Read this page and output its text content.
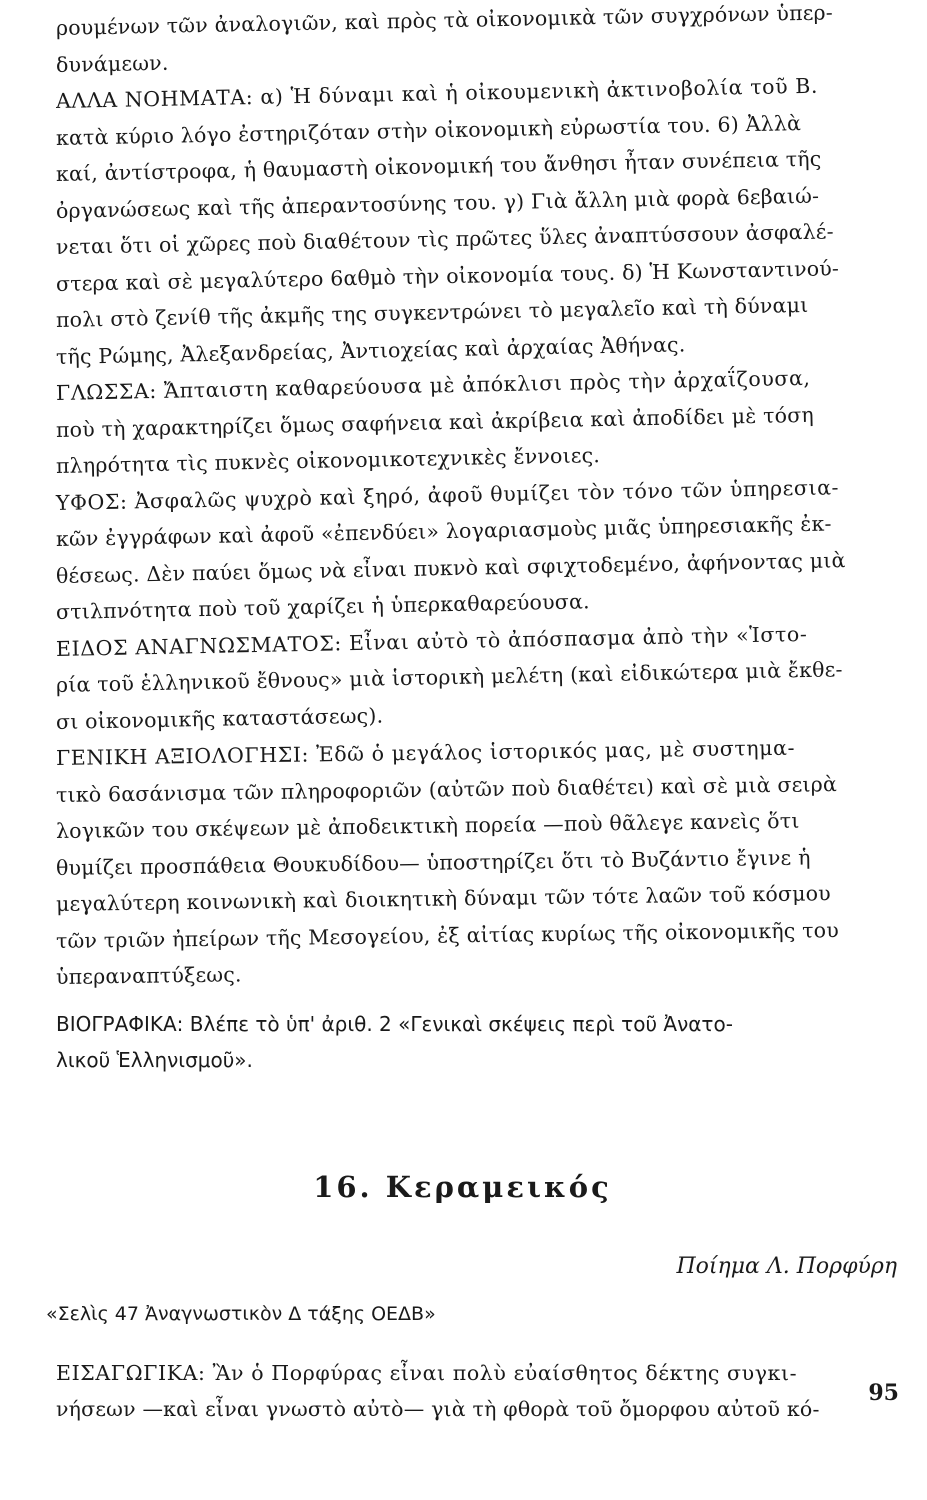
ρουμένων τῶν ἀναλογιῶν, καὶ πρὸς τὰ οἰκονομικὰ τῶν συγχρόνων ὑπερ-
δυνάμεων.
ΑΛΛΑ ΝΟΗΜΑΤΑ: α) Ἡ δύναμι καὶ ἡ οἰκουμενικὴ ἀκτινοβολία τοῦ Β.
κατὰ κύριο λόγο ἐστηριζόταν στὴν οἰκονομικὴ εὐρωστία του. 6) Ἀλλὰ
καί, ἀντίστροφα, ἡ θαυμαστὴ οἰκονομική του ἄνθησι ἦταν συνέπεια τῆς
ὀργανώσεως καὶ τῆς ἀπεραντοσύνης του. γ) Γιὰ ἄλλη μιὰ φορὰ 6εβαιώ-
νεται ὅτι οἱ χῶρες ποὺ διαθέτουν τὶς πρῶτες ὕλες ἀναπτύσσουν ἀσφαλέ-
στερα καὶ σὲ μεγαλύτερο 6αθμὸ τὴν οἰκονομία τους. δ) Ἡ Κωνσταντινού-
πολι στὸ ζενίθ τῆς ἀκμῆς της συγκεντρώνει τὸ μεγαλεῖο καὶ τὴ δύναμι
τῆς Ρώμης, Ἀλεξανδρείας, Ἀντιοχείας καὶ ἀρχαίας Ἀθήνας.
ΓΛΩΣΣΑ: Ἄπταιστη καθαρεύουσα μὲ ἀπόκλισι πρὸς τὴν ἀρχαΐζουσα,
ποὺ τὴ χαρακτηρίζει ὅμως σαφήνεια καὶ ἀκρίβεια καὶ ἀποδίδει μὲ τόση
πληρότητα τὶς πυκνὲς οἰκονομικοτεχνικὲς ἔννοιες.
ΥΦΟΣ: Ἀσφαλῶς ψυχρὸ καὶ ξηρό, ἀφοῦ θυμίζει τὸν τόνο τῶν ὑπηρεσια-
κῶν ἐγγράφων καὶ ἀφοῦ «ἐπενδύει» λογαριασμοὺς μιᾶς ὑπηρεσιακῆς ἐκ-
θέσεως. Δὲν παύει ὅμως νὰ εἶναι πυκνὸ καὶ σφιχτοδεμένο, ἀφήνοντας μιὰ
στιλπνότητα ποὺ τοῦ χαρίζει ἡ ὑπερκαθαρεύουσα.
ΕΙΔΟΣ ΑΝΑΓΝΩΣΜΑΤΟΣ: Εἶναι αὐτὸ τὸ ἀπόσπασμα ἀπὸ τὴν «Ἱστο-
ρία τοῦ ἑλληνικοῦ ἔθνους» μιὰ ἱστορικὴ μελέτη (καὶ εἰδικώτερα μιὰ ἔκθε-
σι οἰκονομικῆς καταστάσεως).
ΓΕΝΙΚΗ ΑΞΙΟΛΟΓΗΣΙ: Ἐδῶ ὁ μεγάλος ἱστορικός μας, μὲ συστημα-
τικὸ 6ασάνισμα τῶν πληροφοριῶν (αὐτῶν ποὺ διαθέτει) καὶ σὲ μιὰ σειρὰ
λογικῶν του σκέψεων μὲ ἀποδεικτικὴ πορεία —ποὺ θᾶλεγε κανεὶς ὅτι
θυμίζει προσπάθεια Θουκυδίδου— ὑποστηρίζει ὅτι τὸ Βυζάντιο ἔγινε ἡ
μεγαλύτερη κοινωνικὴ καὶ διοικητικὴ δύναμι τῶν τότε λαῶν τοῦ κόσμου
τῶν τριῶν ἠπείρων τῆς Μεσογείου, ἐξ αἰτίας κυρίως τῆς οἰκονομικῆς του
ὑπεραναπτύξεως.
ΒΙΟΓΡΑΦΙΚΑ: Βλέπε τὸ ὑπ' ἀριθ. 2 «Γενικαὶ σκέψεις περὶ τοῦ Ἀνατο-
λικοῦ Ἑλληνισμοῦ».
16. Κεραμεικός
Ποίημα Λ. Πορφύρη
«Σελὶς 47 Ἀναγνωστικὸν Δ τάξης ΟΕΔΒ»
ΕΙΣΑΓΩΓΙΚΑ: Ἂν ὁ Πορφύρας εἶναι πολὺ εὐαίσθητος δέκτης συγκι-
νήσεων —καὶ εἶναι γνωστὸ αὐτὸ— γιὰ τὴ φθορὰ τοῦ ὄμορφου αὐτοῦ κό-
95
